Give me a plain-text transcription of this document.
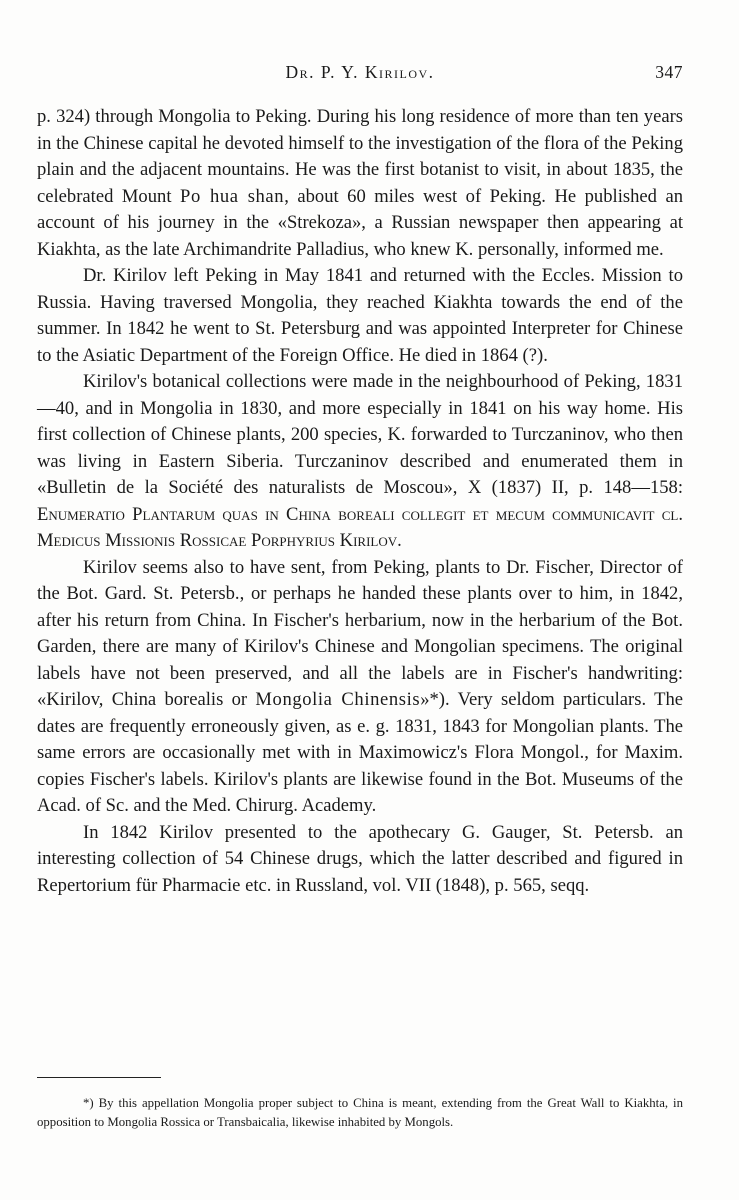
Dr. P. Y. Kirilov.	347

p. 324) through Mongolia to Peking. During his long residence of more than ten years in the Chinese capital he devoted himself to the investigation of the flora of the Peking plain and the adjacent mountains. He was the first botanist to visit, in about 1835, the celebrated Mount Po hua shan, about 60 miles west of Peking. He published an account of his journey in the «Strekoza», a Russian newspaper then appearing at Kiakhta, as the late Archimandrite Palladius, who knew K. personally, informed me.

Dr. Kirilov left Peking in May 1841 and returned with the Eccles. Mission to Russia. Having traversed Mongolia, they reached Kiakhta towards the end of the summer. In 1842 he went to St. Petersburg and was appointed Interpreter for Chinese to the Asiatic Department of the Foreign Office. He died in 1864 (?).

Kirilov's botanical collections were made in the neighbourhood of Peking, 1831—40, and in Mongolia in 1830, and more especially in 1841 on his way home. His first collection of Chinese plants, 200 species, K. forwarded to Turczaninov, who then was living in Eastern Siberia. Turczaninov described and enumerated them in «Bulletin de la Société des naturalists de Moscou», X (1837) II, p. 148—158: Enumeratio Plantarum quas in China boreali collegit et mecum communicavit cl. Medicus Missionis Rossicae Porphyrius Kirilov.

Kirilov seems also to have sent, from Peking, plants to Dr. Fischer, Director of the Bot. Gard. St. Petersb., or perhaps he handed these plants over to him, in 1842, after his return from China. In Fischer's herbarium, now in the herbarium of the Bot. Garden, there are many of Kirilov's Chinese and Mongolian specimens. The original labels have not been preserved, and all the labels are in Fischer's handwriting: «Kirilov, China borealis or Mongolia Chinensis»*). Very seldom particulars. The dates are frequently erroneously given, as e. g. 1831, 1843 for Mongolian plants. The same errors are occasionally met with in Maximowicz's Flora Mongol., for Maxim. copies Fischer's labels. Kirilov's plants are likewise found in the Bot. Museums of the Acad. of Sc. and the Med. Chirurg. Academy.

In 1842 Kirilov presented to the apothecary G. Gauger, St. Petersb. an interesting collection of 54 Chinese drugs, which the latter described and figured in Repertorium für Pharmacie etc. in Russland, vol. VII (1848), p. 565, seqq.

*) By this appellation Mongolia proper subject to China is meant, extending from the Great Wall to Kiakhta, in opposition to Mongolia Rossica or Transbaicalia, likewise inhabited by Mongols.
